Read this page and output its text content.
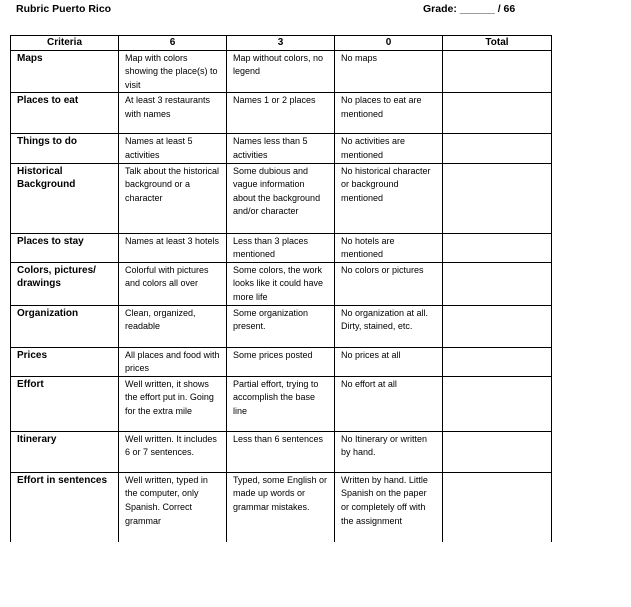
Rubric Puerto Rico	Grade: ______ / 66
Criteria	6	3	0	Total
Maps	Map with colors showing the place(s) to visit	Map without colors, no legend	No maps	
Places to eat	At least 3 restaurants with names	Names 1 or 2 places	No places to eat are mentioned	
Things to do	Names at least 5 activities	Names less than 5 activities	No activities are mentioned	
Historical Background	Talk about the historical background or a character	Some dubious and vague information about the background and/or character	No historical character or background mentioned	
Places to stay	Names at least 3 hotels	Less than 3 places mentioned	No hotels are mentioned	
Colors, pictures/ drawings	Colorful with pictures and colors all over	Some colors, the work looks like it could have more life	No colors or pictures	
Organization	Clean, organized, readable	Some organization present.	No organization at all. Dirty, stained, etc.	
Prices	All places and food with prices	Some prices posted	No prices at all	
Effort	Well written, it shows the effort put in. Going for the extra mile	Partial effort, trying to accomplish the base line	No effort at all	
Itinerary	Well written. It includes 6 or 7 sentences.	Less than 6 sentences	No Itinerary or written by hand.	
Effort in sentences	Well written, typed in the computer, only Spanish. Correct grammar	Typed, some English or made up words or grammar mistakes.	Written by hand. Little Spanish on the paper or completely off with the assignment	
